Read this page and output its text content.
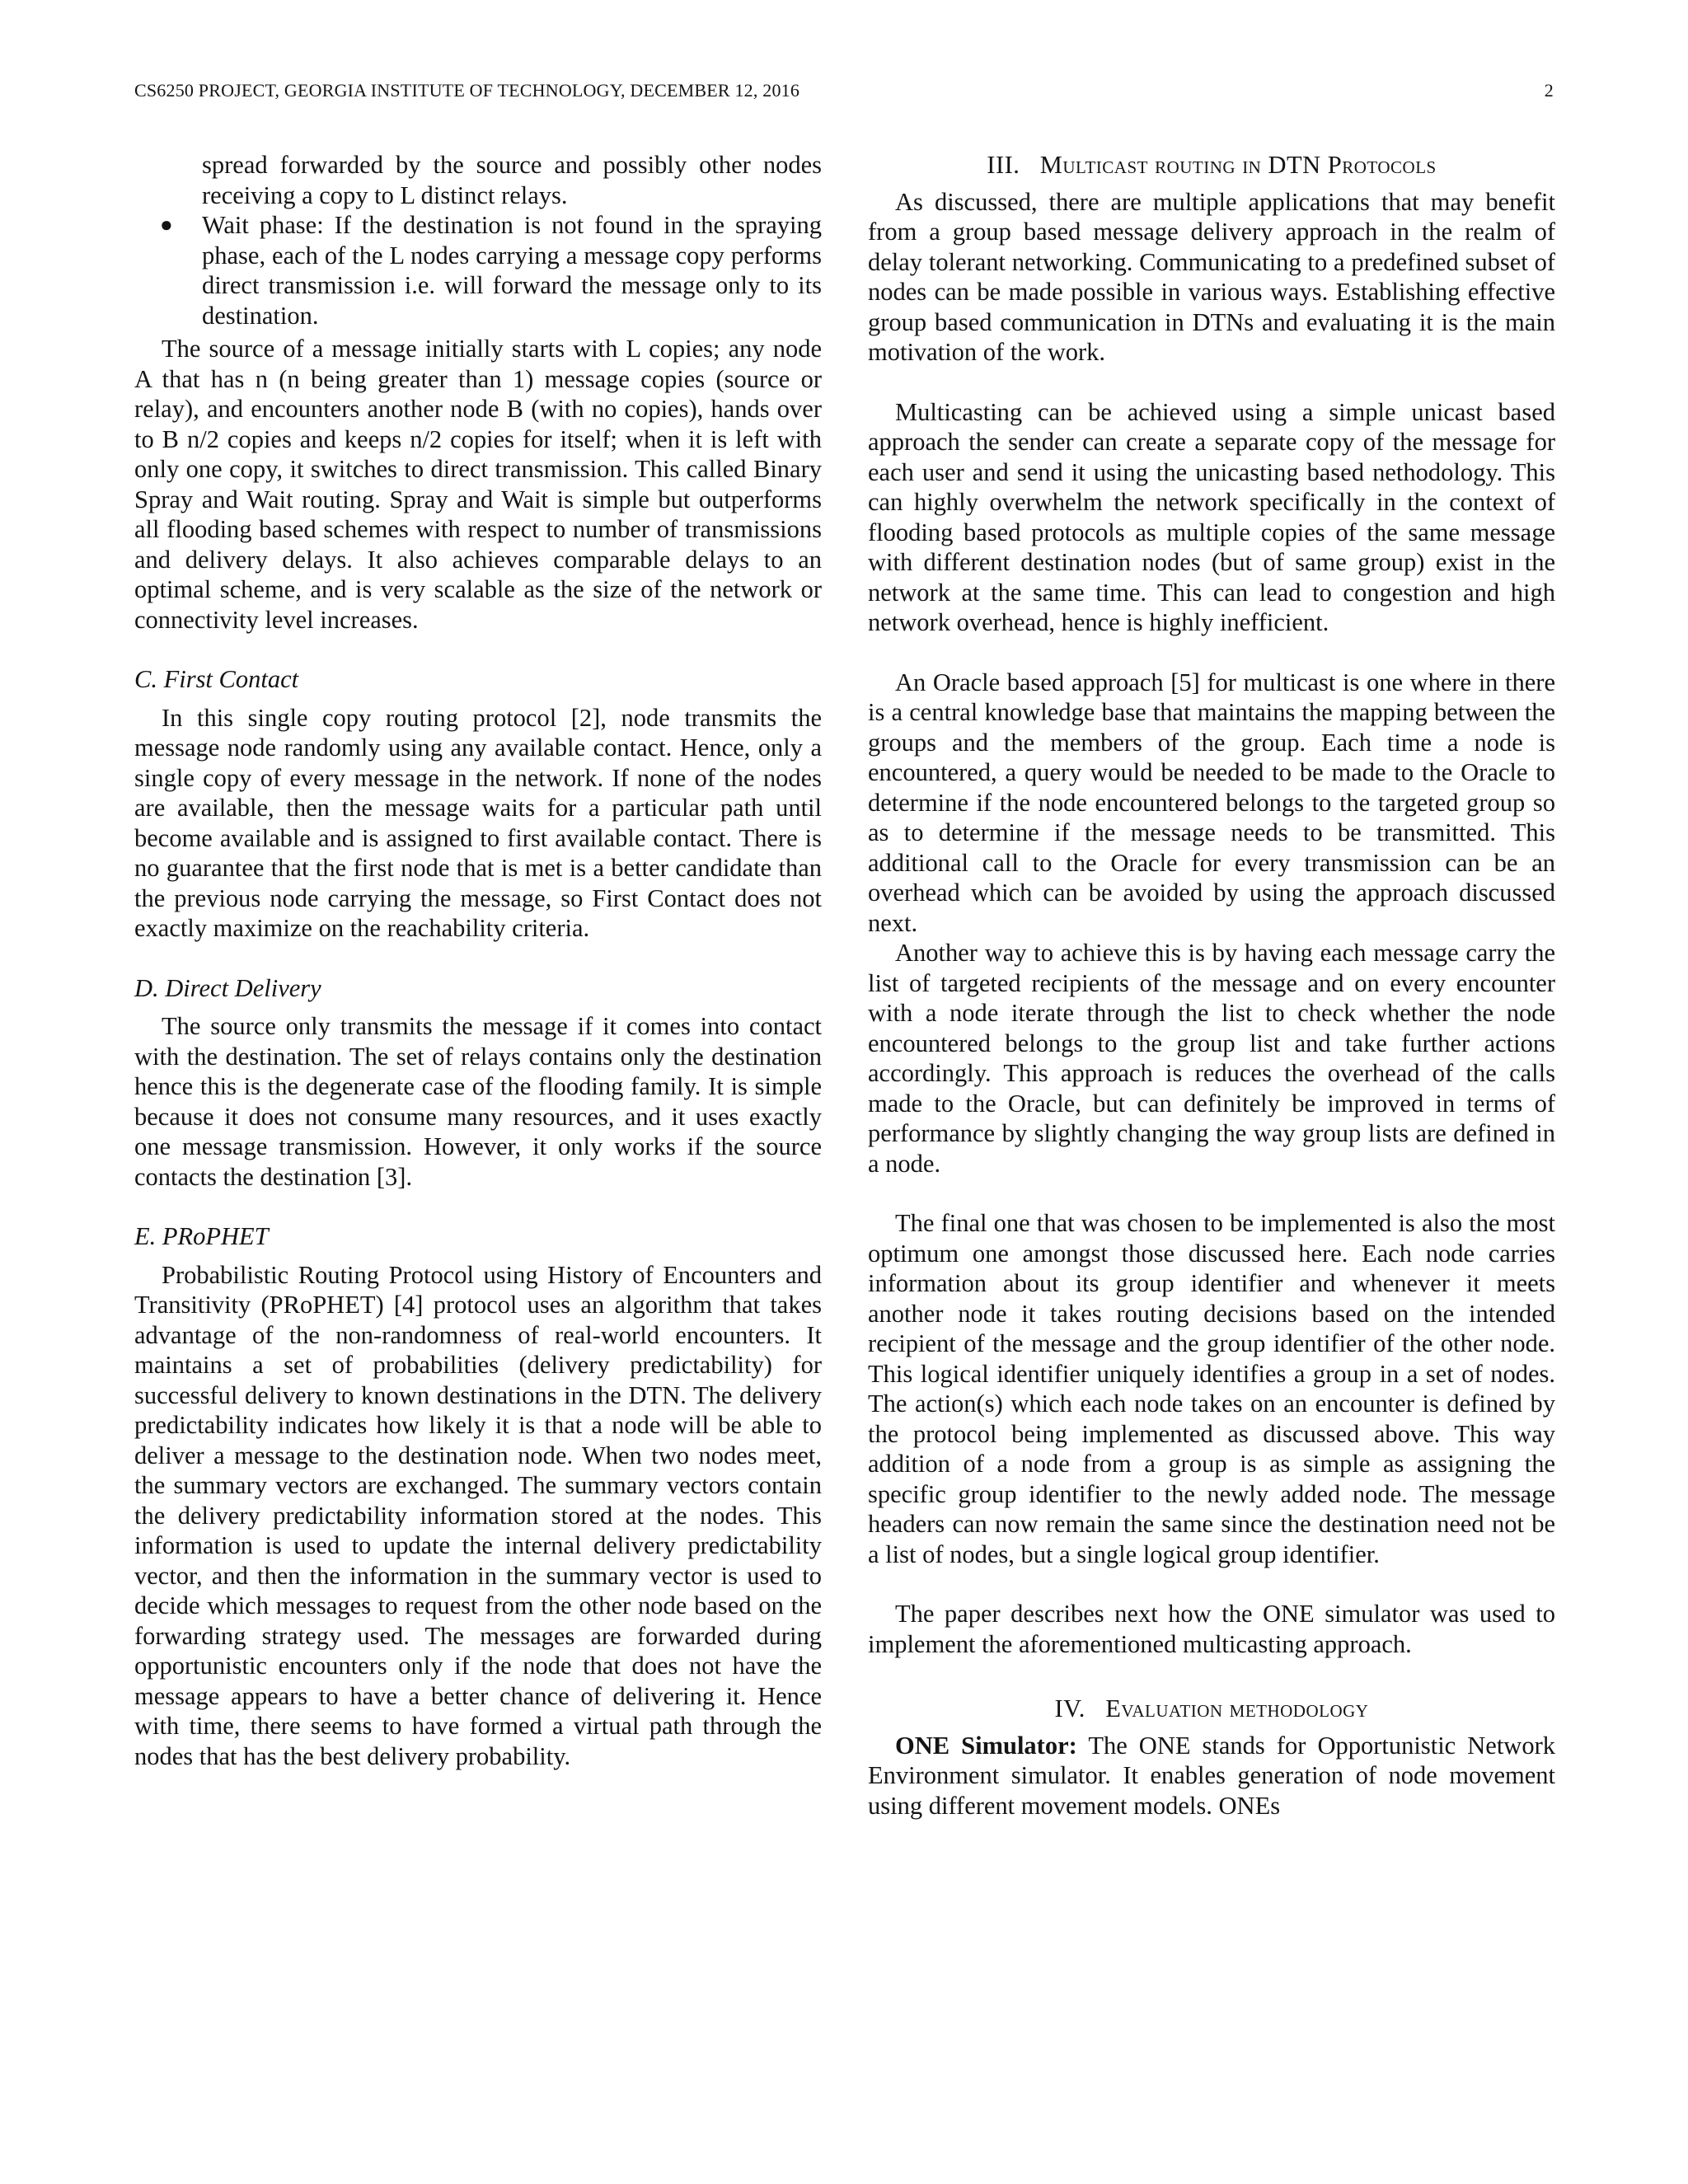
CS6250 PROJECT, GEORGIA INSTITUTE OF TECHNOLOGY, DECEMBER 12, 2016	2
spread forwarded by the source and possibly other nodes receiving a copy to L distinct relays.
● Wait phase: If the destination is not found in the spraying phase, each of the L nodes carrying a message copy performs direct transmission i.e. will forward the message only to its destination.

The source of a message initially starts with L copies; any node A that has n (n being greater than 1) message copies (source or relay), and encounters another node B (with no copies), hands over to B n/2 copies and keeps n/2 copies for itself; when it is left with only one copy, it switches to direct transmission. This called Binary Spray and Wait routing. Spray and Wait is simple but outperforms all flooding based schemes with respect to number of transmissions and delivery delays. It also achieves comparable delays to an optimal scheme, and is very scalable as the size of the network or connectivity level increases.

C. First Contact

In this single copy routing protocol [2], node transmits the message node randomly using any available contact. Hence, only a single copy of every message in the network. If none of the nodes are available, then the message waits for a particular path until become available and is assigned to first available contact. There is no guarantee that the first node that is met is a better candidate than the previous node carrying the message, so First Contact does not exactly maximize on the reachability criteria.

D. Direct Delivery

The source only transmits the message if it comes into contact with the destination. The set of relays contains only the destination hence this is the degenerate case of the flooding family. It is simple because it does not consume many resources, and it uses exactly one message transmission. However, it only works if the source contacts the destination [3].

E. PRoPHET

Probabilistic Routing Protocol using History of Encounters and Transitivity (PRoPHET) [4] protocol uses an algorithm that takes advantage of the non-randomness of real-world encounters. It maintains a set of probabilities (delivery predictability) for successful delivery to known destinations in the DTN. The delivery predictability indicates how likely it is that a node will be able to deliver a message to the destination node. When two nodes meet, the summary vectors are exchanged. The summary vectors contain the delivery predictability information stored at the nodes. This information is used to update the internal delivery predictability vector, and then the information in the summary vector is used to decide which messages to request from the other node based on the forwarding strategy used. The messages are forwarded during opportunistic encounters only if the node that does not have the message appears to have a better chance of delivering it. Hence with time, there seems to have formed a virtual path through the nodes that has the best delivery probability.

III. Multicast routing in DTN Protocols

As discussed, there are multiple applications that may benefit from a group based message delivery approach in the realm of delay tolerant networking. Communicating to a predefined subset of nodes can be made possible in various ways. Establishing effective group based communication in DTNs and evaluating it is the main motivation of the work.

Multicasting can be achieved using a simple unicast based approach the sender can create a separate copy of the message for each user and send it using the unicasting based nethodology. This can highly overwhelm the network specifically in the context of flooding based protocols as multiple copies of the same message with different destination nodes (but of same group) exist in the network at the same time. This can lead to congestion and high network overhead, hence is highly inefficient.

An Oracle based approach [5] for multicast is one where in there is a central knowledge base that maintains the mapping between the groups and the members of the group. Each time a node is encountered, a query would be needed to be made to the Oracle to determine if the node encountered belongs to the targeted group so as to determine if the message needs to be transmitted. This additional call to the Oracle for every transmission can be an overhead which can be avoided by using the approach discussed next.

Another way to achieve this is by having each message carry the list of targeted recipients of the message and on every encounter with a node iterate through the list to check whether the node encountered belongs to the group list and take further actions accordingly. This approach is reduces the overhead of the calls made to the Oracle, but can definitely be improved in terms of performance by slightly changing the way group lists are defined in a node.

The final one that was chosen to be implemented is also the most optimum one amongst those discussed here. Each node carries information about its group identifier and whenever it meets another node it takes routing decisions based on the intended recipient of the message and the group identifier of the other node. This logical identifier uniquely identifies a group in a set of nodes. The action(s) which each node takes on an encounter is defined by the protocol being implemented as discussed above. This way addition of a node from a group is as simple as assigning the specific group identifier to the newly added node. The message headers can now remain the same since the destination need not be a list of nodes, but a single logical group identifier.

The paper describes next how the ONE simulator was used to implement the aforementioned multicasting approach.

IV. Evaluation methodology

ONE Simulator: The ONE stands for Opportunistic Network Environment simulator. It enables generation of node movement using different movement models. ONEs
